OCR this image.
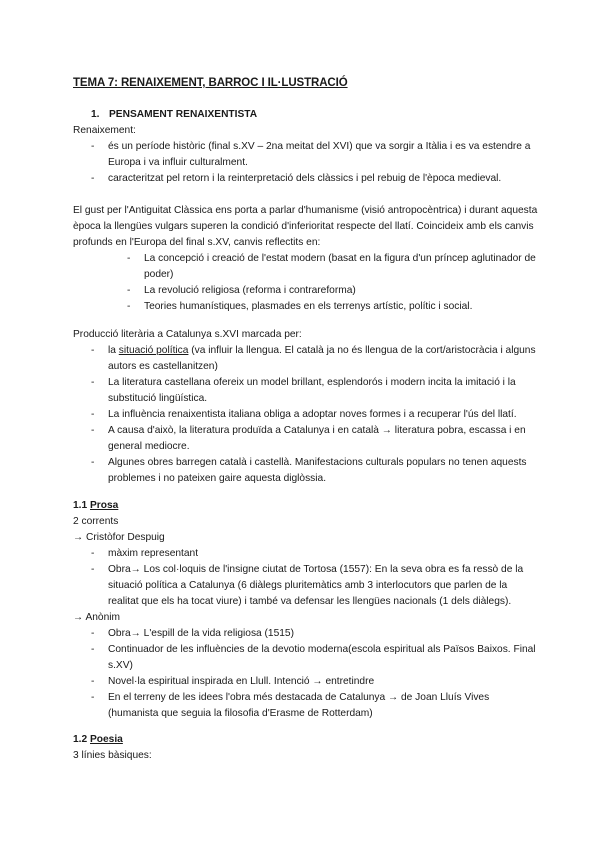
TEMA 7: RENAIXEMENT, BARROC I IL·LUSTRACIÓ
1. PENSAMENT RENAIXENTISTA
Renaixement:
- és un període històric (final s.XV – 2na meitat del XVI) que va sorgir a Itàlia i es va estendre a Europa i va influir culturalment.
- caracteritzat pel retorn i la reinterpretació dels clàssics i pel rebuig de l'època medieval.
El gust per l'Antiguitat Clàssica ens porta a parlar d'humanisme (visió antropocèntrica) i durant aquesta època la llengües vulgars superen la condició d'inferioritat respecte del llatí. Coincideix amb els canvis profunds en l'Europa del final s.XV, canvis reflectits en:
- La concepció i creació de l'estat modern (basat en la figura d'un príncep aglutinador de poder)
- La revolució religiosa (reforma i contrareforma)
- Teories humanístiques, plasmades en els terrenys artístic, polític i social.
Producció literària a Catalunya s.XVI marcada per:
- la situació política (va influir la llengua. El català ja no és llengua de la cort/aristocràcia i alguns autors es castellanitzen)
- La literatura castellana ofereix un model brillant, esplendorós i modern incita la imitació i la substitució lingüística.
- La influència renaixentista italiana obliga a adoptar noves formes i a recuperar l'ús del llatí.
- A causa d'això, la literatura produïda a Catalunya i en català → literatura pobra, escassa i en general mediocre.
- Algunes obres barregen català i castellà. Manifestacions culturals populars no tenen aquests problemes i no pateixen gaire aquesta diglòssia.
1.1 Prosa
2 corrents
→ Cristòfor Despuig
- màxim representant
- Obra→ Los col·loquis de l'insigne ciutat de Tortosa (1557): En la seva obra es fa ressò de la situació política a Catalunya (6 diàlegs pluritemàtics amb 3 interlocutors que parlen de la realitat que els ha tocat viure) i també va defensar les llengües nacionals (1 dels diàlegs).
→ Anònim
- Obra→ L'espill de la vida religiosa (1515)
- Continuador de les influències de la devotio moderna(escola espiritual als Països Baixos. Final s.XV)
- Novel·la espiritual inspirada en Llull. Intenció → entretindre
- En el terreny de les idees l'obra més destacada de Catalunya → de Joan Lluís Vives (humanista que seguia la filosofia d'Erasme de Rotterdam)
1.2 Poesia
3 línies bàsiques:
